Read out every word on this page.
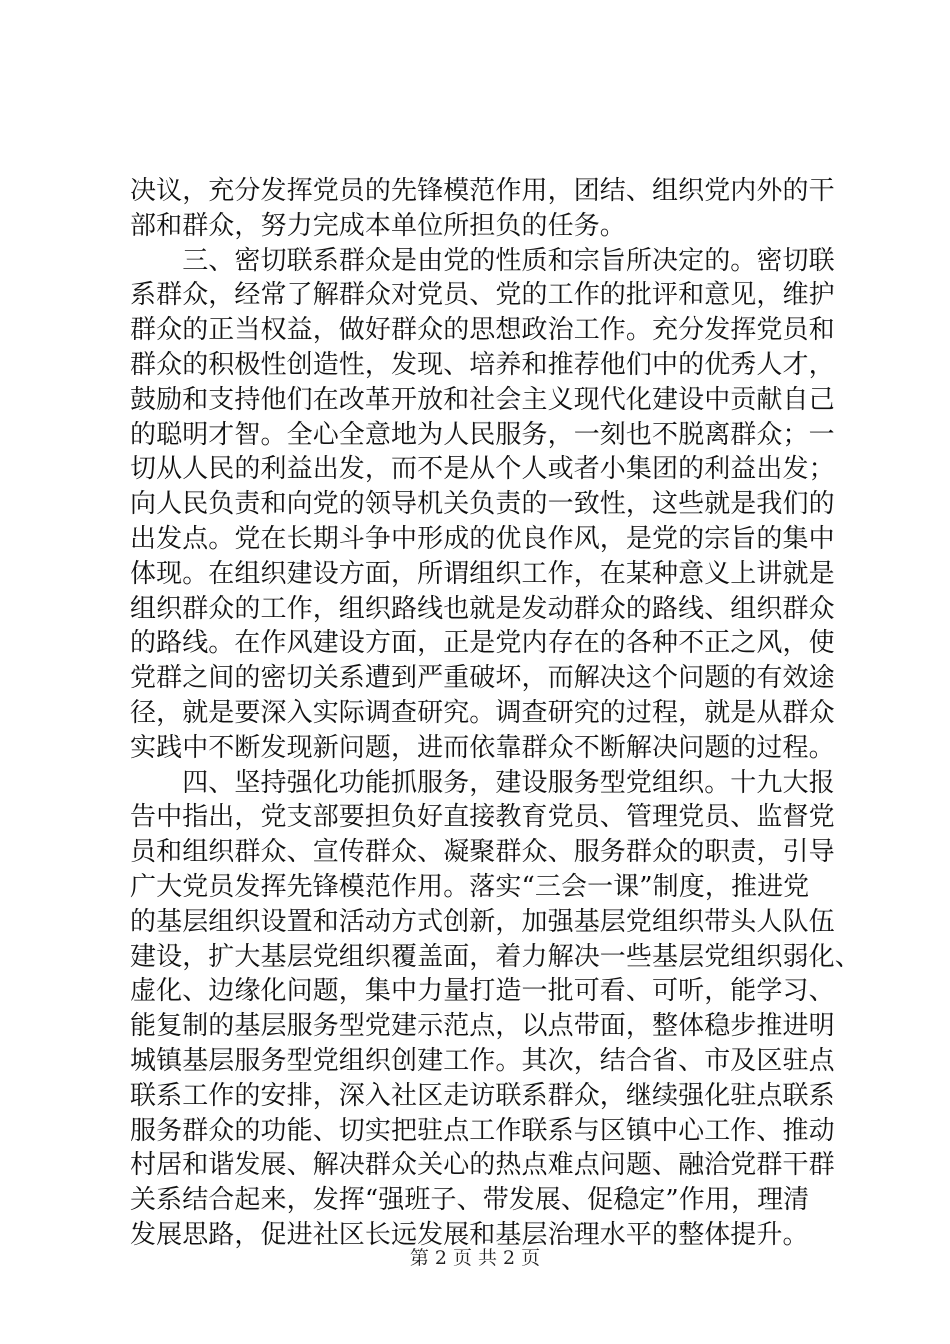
决议，充分发挥党员的先锋模范作用，团结、组织党内外的干
部和群众，努力完成本单位所担负的任务。
　　三、密切联系群众是由党的性质和宗旨所决定的。密切联
系群众，经常了解群众对党员、党的工作的批评和意见，维护
群众的正当权益，做好群众的思想政治工作。充分发挥党员和
群众的积极性创造性，发现、培养和推荐他们中的优秀人才，
鼓励和支持他们在改革开放和社会主义现代化建设中贡献自己
的聪明才智。全心全意地为人民服务，一刻也不脱离群众；一
切从人民的利益出发，而不是从个人或者小集团的利益出发；
向人民负责和向党的领导机关负责的一致性，这些就是我们的
出发点。党在长期斗争中形成的优良作风，是党的宗旨的集中
体现。在组织建设方面，所谓组织工作，在某种意义上讲就是
组织群众的工作，组织路线也就是发动群众的路线、组织群众
的路线。在作风建设方面，正是党内存在的各种不正之风，使
党群之间的密切关系遭到严重破坏，而解决这个问题的有效途
径，就是要深入实际调查研究。调查研究的过程，就是从群众
实践中不断发现新问题，进而依靠群众不断解决问题的过程。
　　四、坚持强化功能抓服务，建设服务型党组织。十九大报
告中指出，党支部要担负好直接教育党员、管理党员、监督党
员和组织群众、宣传群众、凝聚群众、服务群众的职责，引导
广大党员发挥先锋模范作用。落实“三会一课”制度，推进党
的基层组织设置和活动方式创新，加强基层党组织带头人队伍
建设，扩大基层党组织覆盖面，着力解决一些基层党组织弱化、
虚化、边缘化问题，集中力量打造一批可看、可听，能学习、
能复制的基层服务型党建示范点，以点带面，整体稳步推进明
城镇基层服务型党组织创建工作。其次，结合省、市及区驻点
联系工作的安排，深入社区走访联系群众，继续强化驻点联系
服务群众的功能、切实把驻点工作联系与区镇中心工作、推动
村居和谐发展、解决群众关心的热点难点问题、融洽党群干群
关系结合起来，发挥“强班子、带发展、促稳定”作用，理清
发展思路，促进社区长远发展和基层治理水平的整体提升。
第 2 页 共 2 页
